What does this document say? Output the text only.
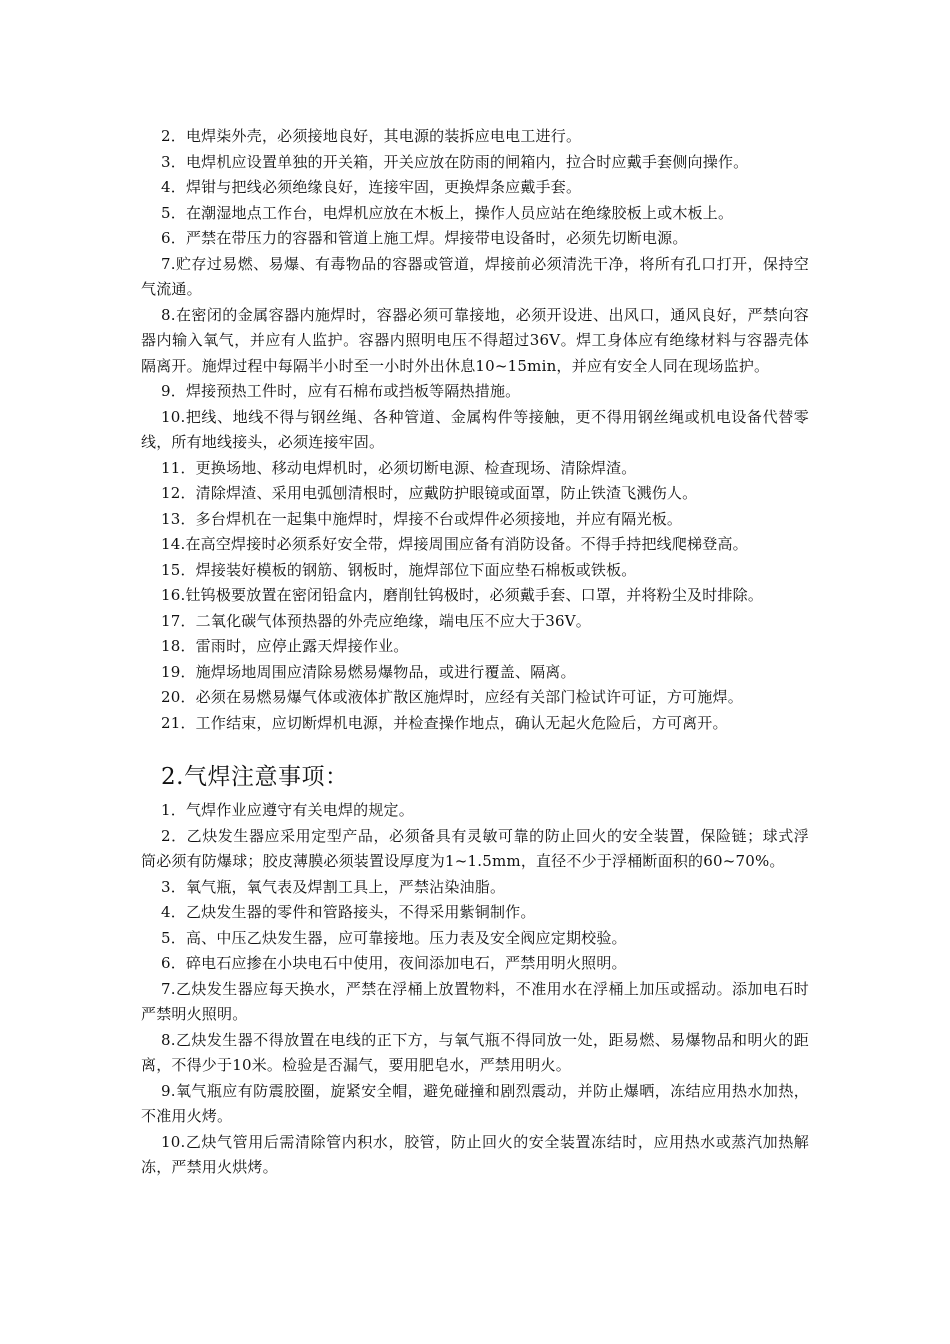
2．电焊柒外壳，必须接地良好，其电源的装拆应电电工进行。

3．电焊机应设置单独的开关箱，开关应放在防雨的闸箱内，拉合时应戴手套侧向操作。

4．焊钳与把线必须绝缘良好，连接牢固，更换焊条应戴手套。

5．在潮湿地点工作台，电焊机应放在木板上，操作人员应站在绝缘胶板上或木板上。

6．严禁在带压力的容器和管道上施工焊。焊接带电设备时，必须先切断电源。

7.贮存过易燃、易爆、有毒物品的容器或管道，焊接前必须清洗干净，将所有孔口打开，保持空气流通。

8.在密闭的金属容器内施焊时，容器必须可靠接地，必须开设进、出风口，通风良好，严禁向容器内输入氧气，并应有人监护。容器内照明电压不得超过36V。焊工身体应有绝缘材料与容器壳体隔离开。施焊过程中每隔半小时至一小时外出休息10~15min，并应有安全人同在现场监护。

9．焊接预热工件时，应有石棉布或挡板等隔热措施。

10.把线、地线不得与钢丝绳、各种管道、金属构件等接触，更不得用钢丝绳或机电设备代替零线，所有地线接头，必须连接牢固。

11．更换场地、移动电焊机时，必须切断电源、检查现场、清除焊渣。

12．清除焊渣、采用电弧刨清根时，应戴防护眼镜或面罩，防止铁渣飞溅伤人。

13．多台焊机在一起集中施焊时，焊接不台或焊件必须接地，并应有隔光板。

14.在高空焊接时必须系好安全带，焊接周围应备有消防设备。不得手持把线爬梯登高。

15．焊接装好模板的钢筋、钢板时，施焊部位下面应垫石棉板或铁板。

16.钍钨极要放置在密闭铅盒内，磨削钍钨极时，必须戴手套、口罩，并将粉尘及时排除。

17．二氧化碳气体预热器的外壳应绝缘，端电压不应大于36V。

18．雷雨时，应停止露天焊接作业。

19．施焊场地周围应清除易燃易爆物品，或进行覆盖、隔离。

20．必须在易燃易爆气体或液体扩散区施焊时，应经有关部门检试许可证，方可施焊。

21．工作结束，应切断焊机电源，并检查操作地点，确认无起火危险后，方可离开。

2.气焊注意事项：

1．气焊作业应遵守有关电焊的规定。

2．乙炔发生器应采用定型产品，必须备具有灵敏可靠的防止回火的安全装置，保险链；球式浮筒必须有防爆球；胶皮薄膜必须装置设厚度为1~1.5mm，直径不少于浮桶断面积的60~70%。

3．氧气瓶，氧气表及焊割工具上，严禁沾染油脂。

4．乙炔发生器的零件和管路接头，不得采用紫铜制作。

5．高、中压乙炔发生器，应可靠接地。压力表及安全阀应定期校验。

6．碎电石应掺在小块电石中使用，夜间添加电石，严禁用明火照明。

7.乙炔发生器应每天换水，严禁在浮桶上放置物料，不准用水在浮桶上加压或摇动。添加电石时严禁明火照明。

8.乙炔发生器不得放置在电线的正下方，与氧气瓶不得同放一处，距易燃、易爆物品和明火的距离，不得少于10米。检验是否漏气，要用肥皂水，严禁用明火。

9.氧气瓶应有防震胶圈，旋紧安全帽，避免碰撞和剧烈震动，并防止爆晒，冻结应用热水加热，不准用火烤。

10.乙炔气管用后需清除管内积水，胶管，防止回火的安全装置冻结时，应用热水或蒸汽加热解冻，严禁用火烘烤。
